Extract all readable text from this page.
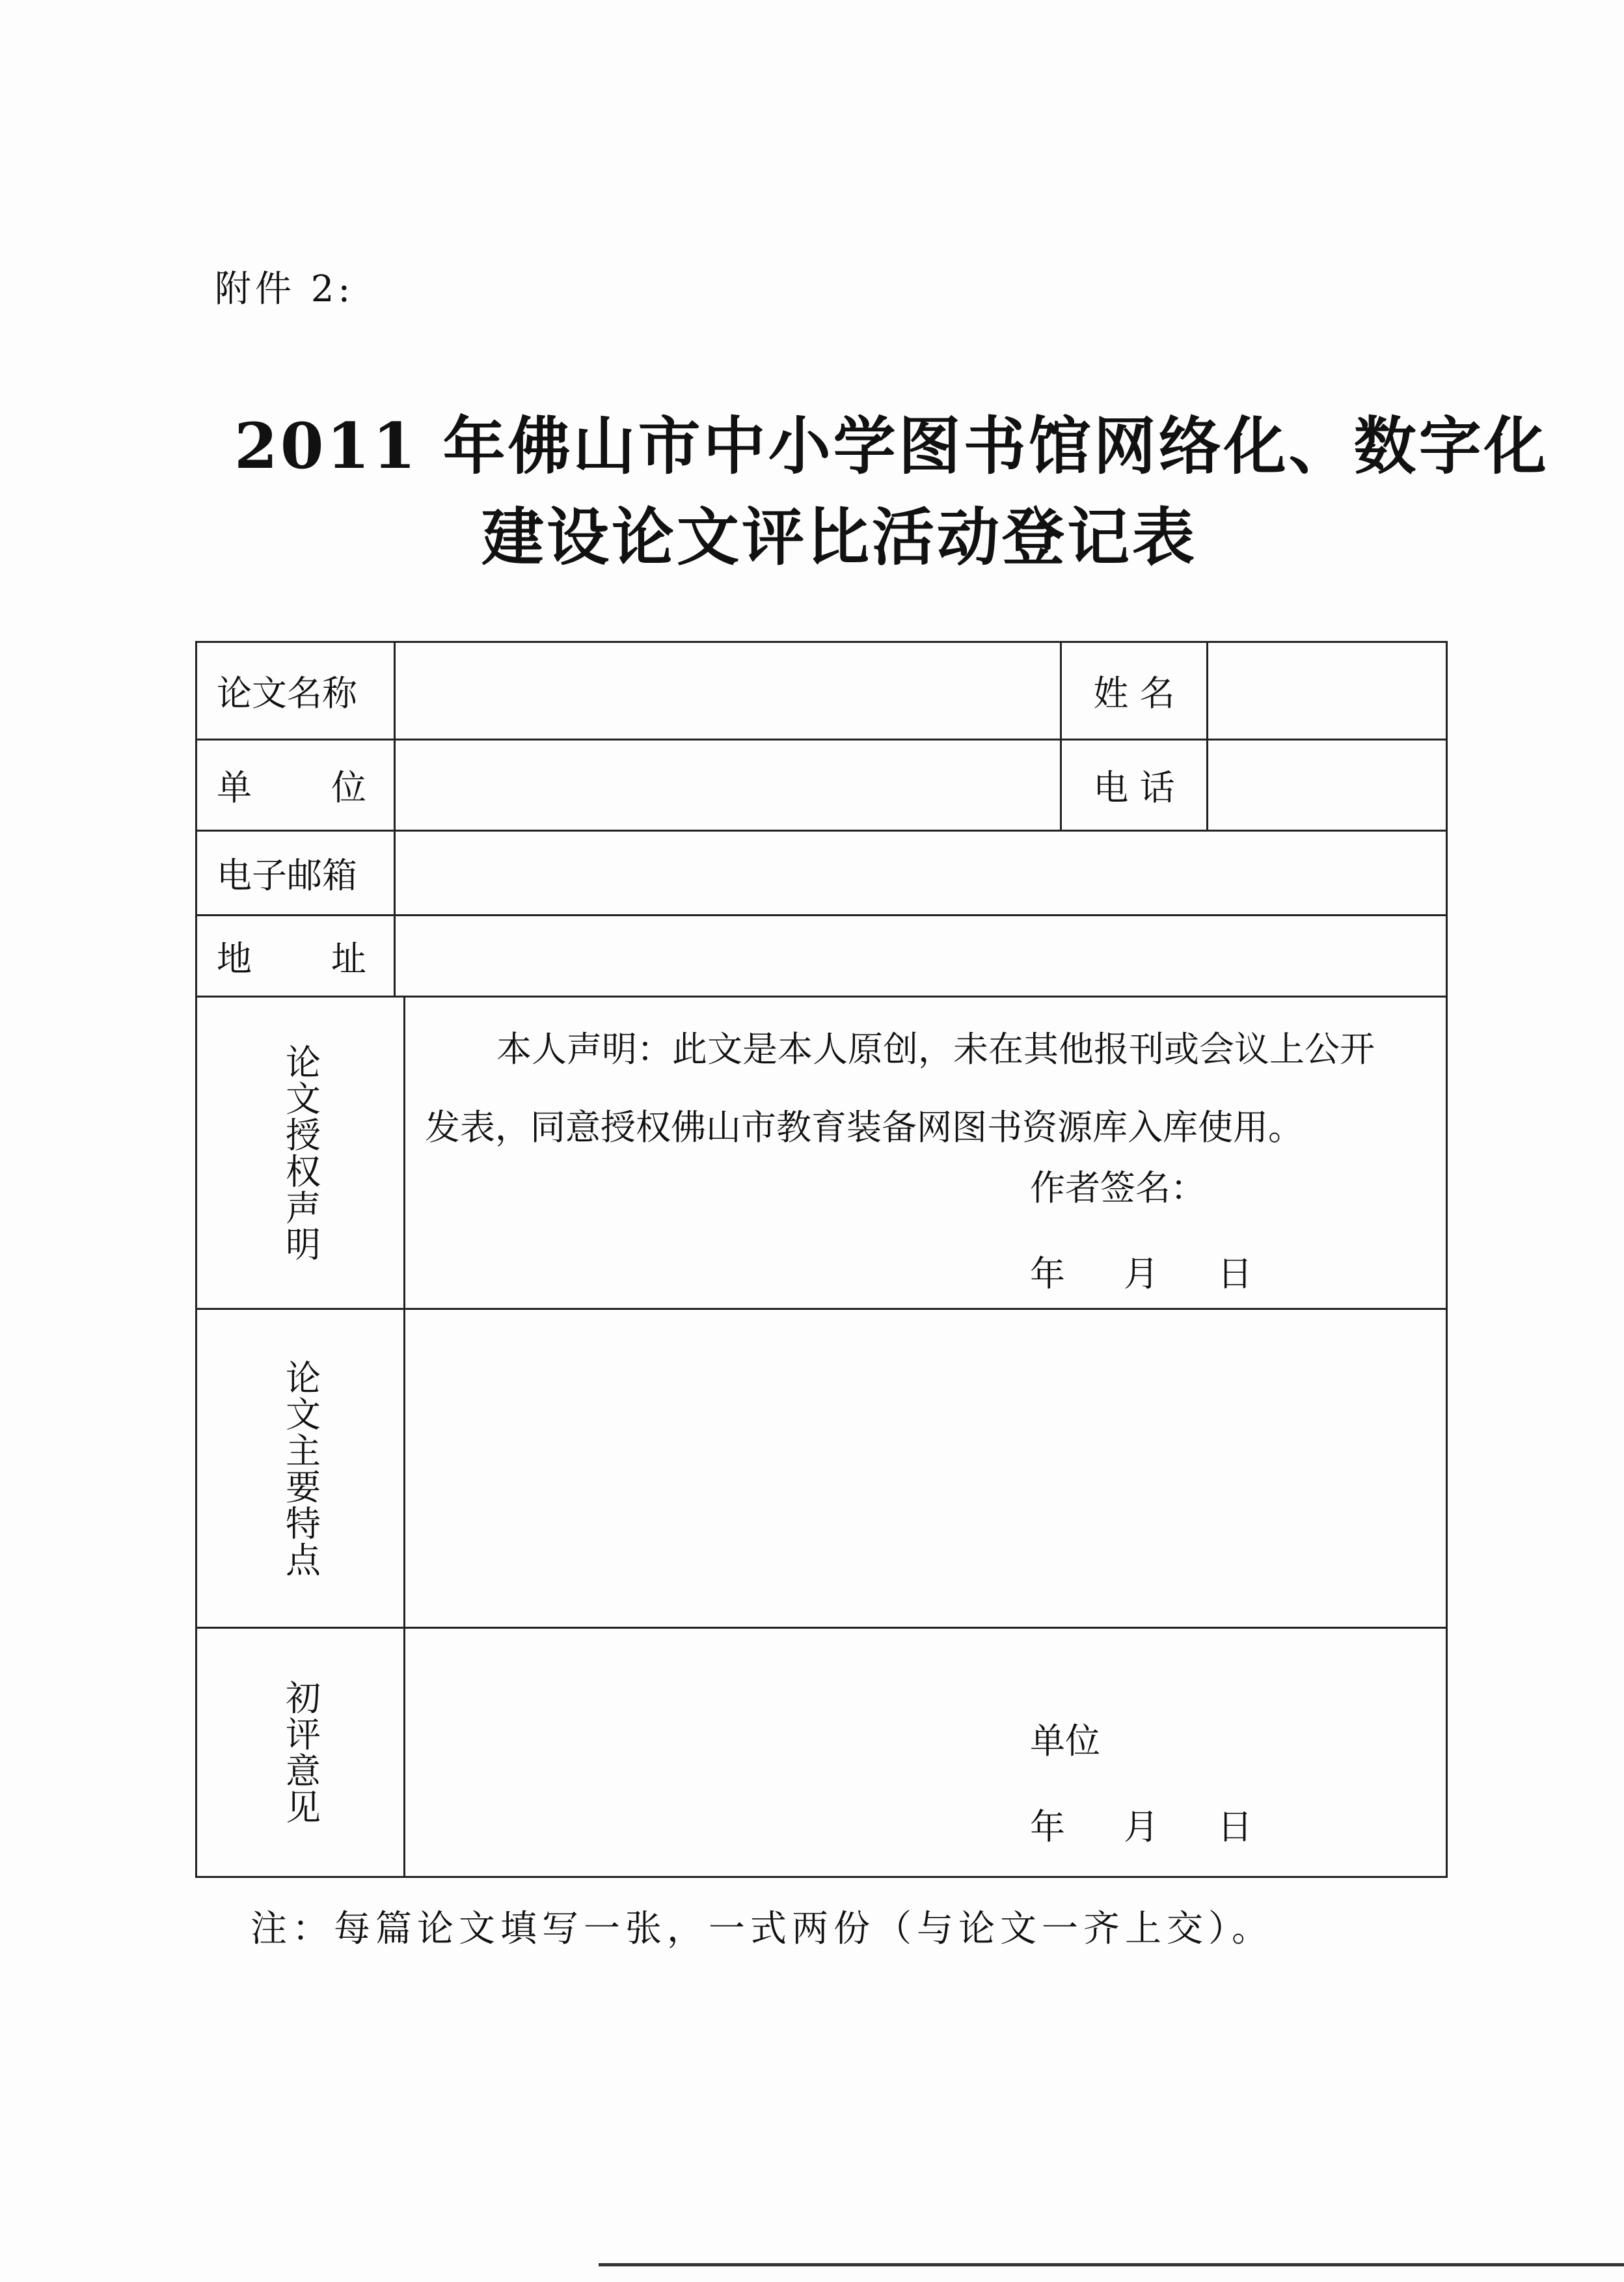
附件 2:
2011 年佛山市中小学图书馆网络化、数字化
建设论文评比活动登记表
论文名称	姓 名
单 位	电 话
电子邮箱
地 址
论文授权声明	本人声明：此文是本人原创，未在其他报刊或会议上公开
发表，同意授权佛山市教育装备网图书资源库入库使用。
作者签名：
年 月 日
论文主要特点
初评意见	单位
年 月 日
注：每篇论文填写一张，一式两份（与论文一齐上交）。
